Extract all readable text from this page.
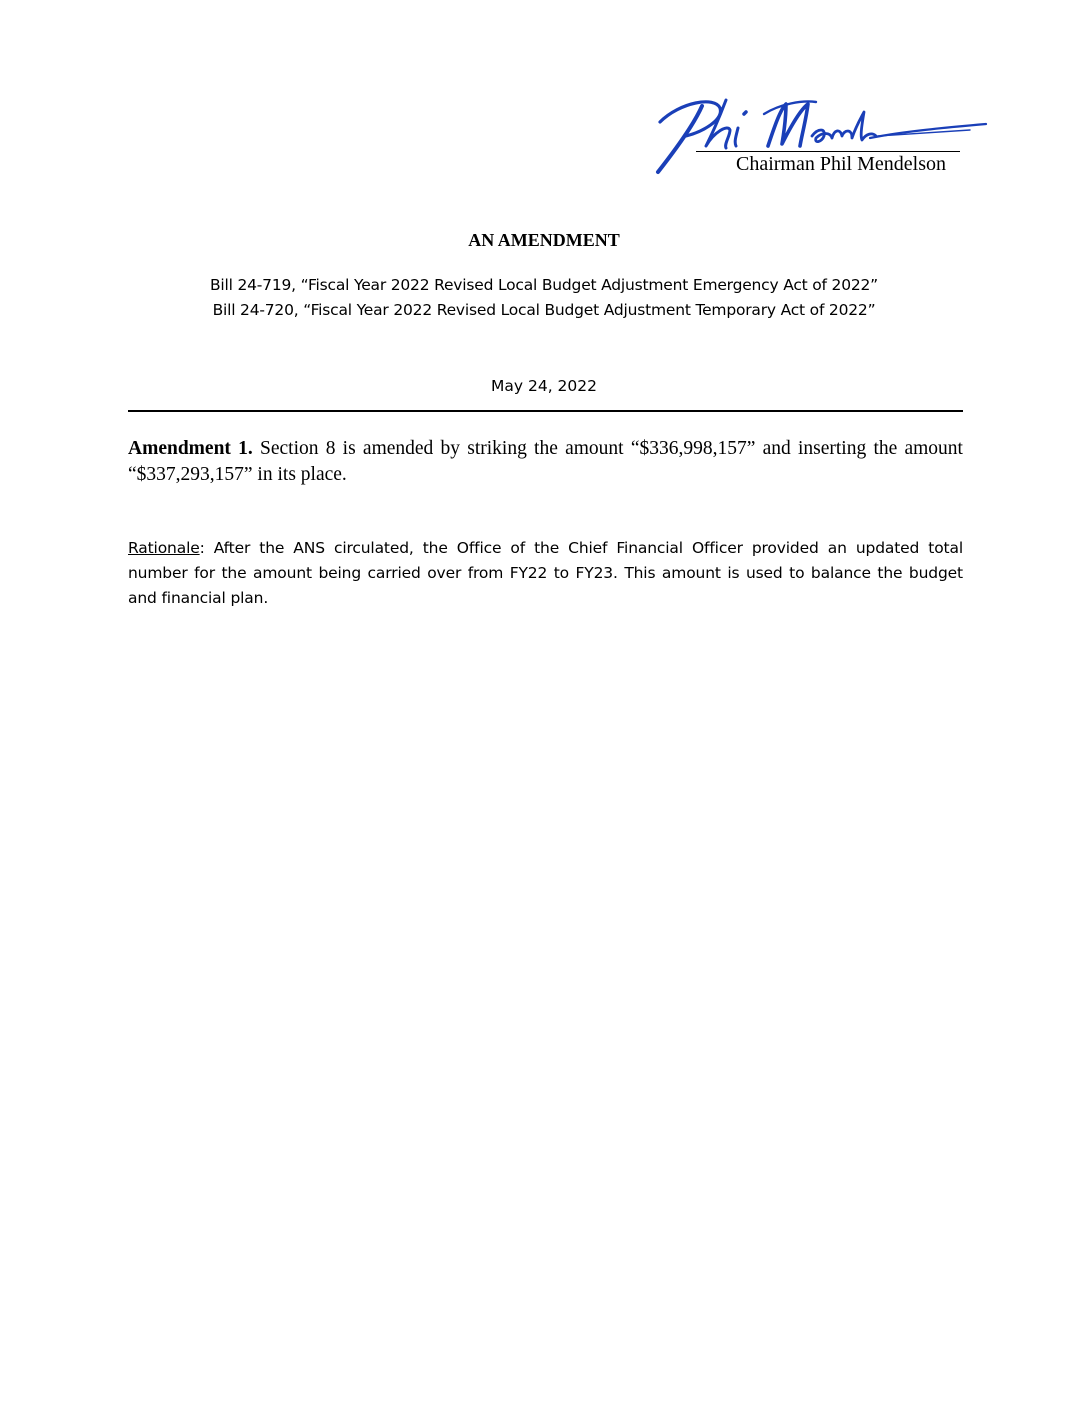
Chairman Phil Mendelson
AN AMENDMENT
Bill 24-719, “Fiscal Year 2022 Revised Local Budget Adjustment Emergency Act of 2022”
Bill 24-720, “Fiscal Year 2022 Revised Local Budget Adjustment Temporary Act of 2022”
May 24, 2022
Amendment 1. Section 8 is amended by striking the amount “$336,998,157” and inserting the amount “$337,293,157” in its place.
Rationale: After the ANS circulated, the Office of the Chief Financial Officer provided an updated total number for the amount being carried over from FY22 to FY23. This amount is used to balance the budget and financial plan.
